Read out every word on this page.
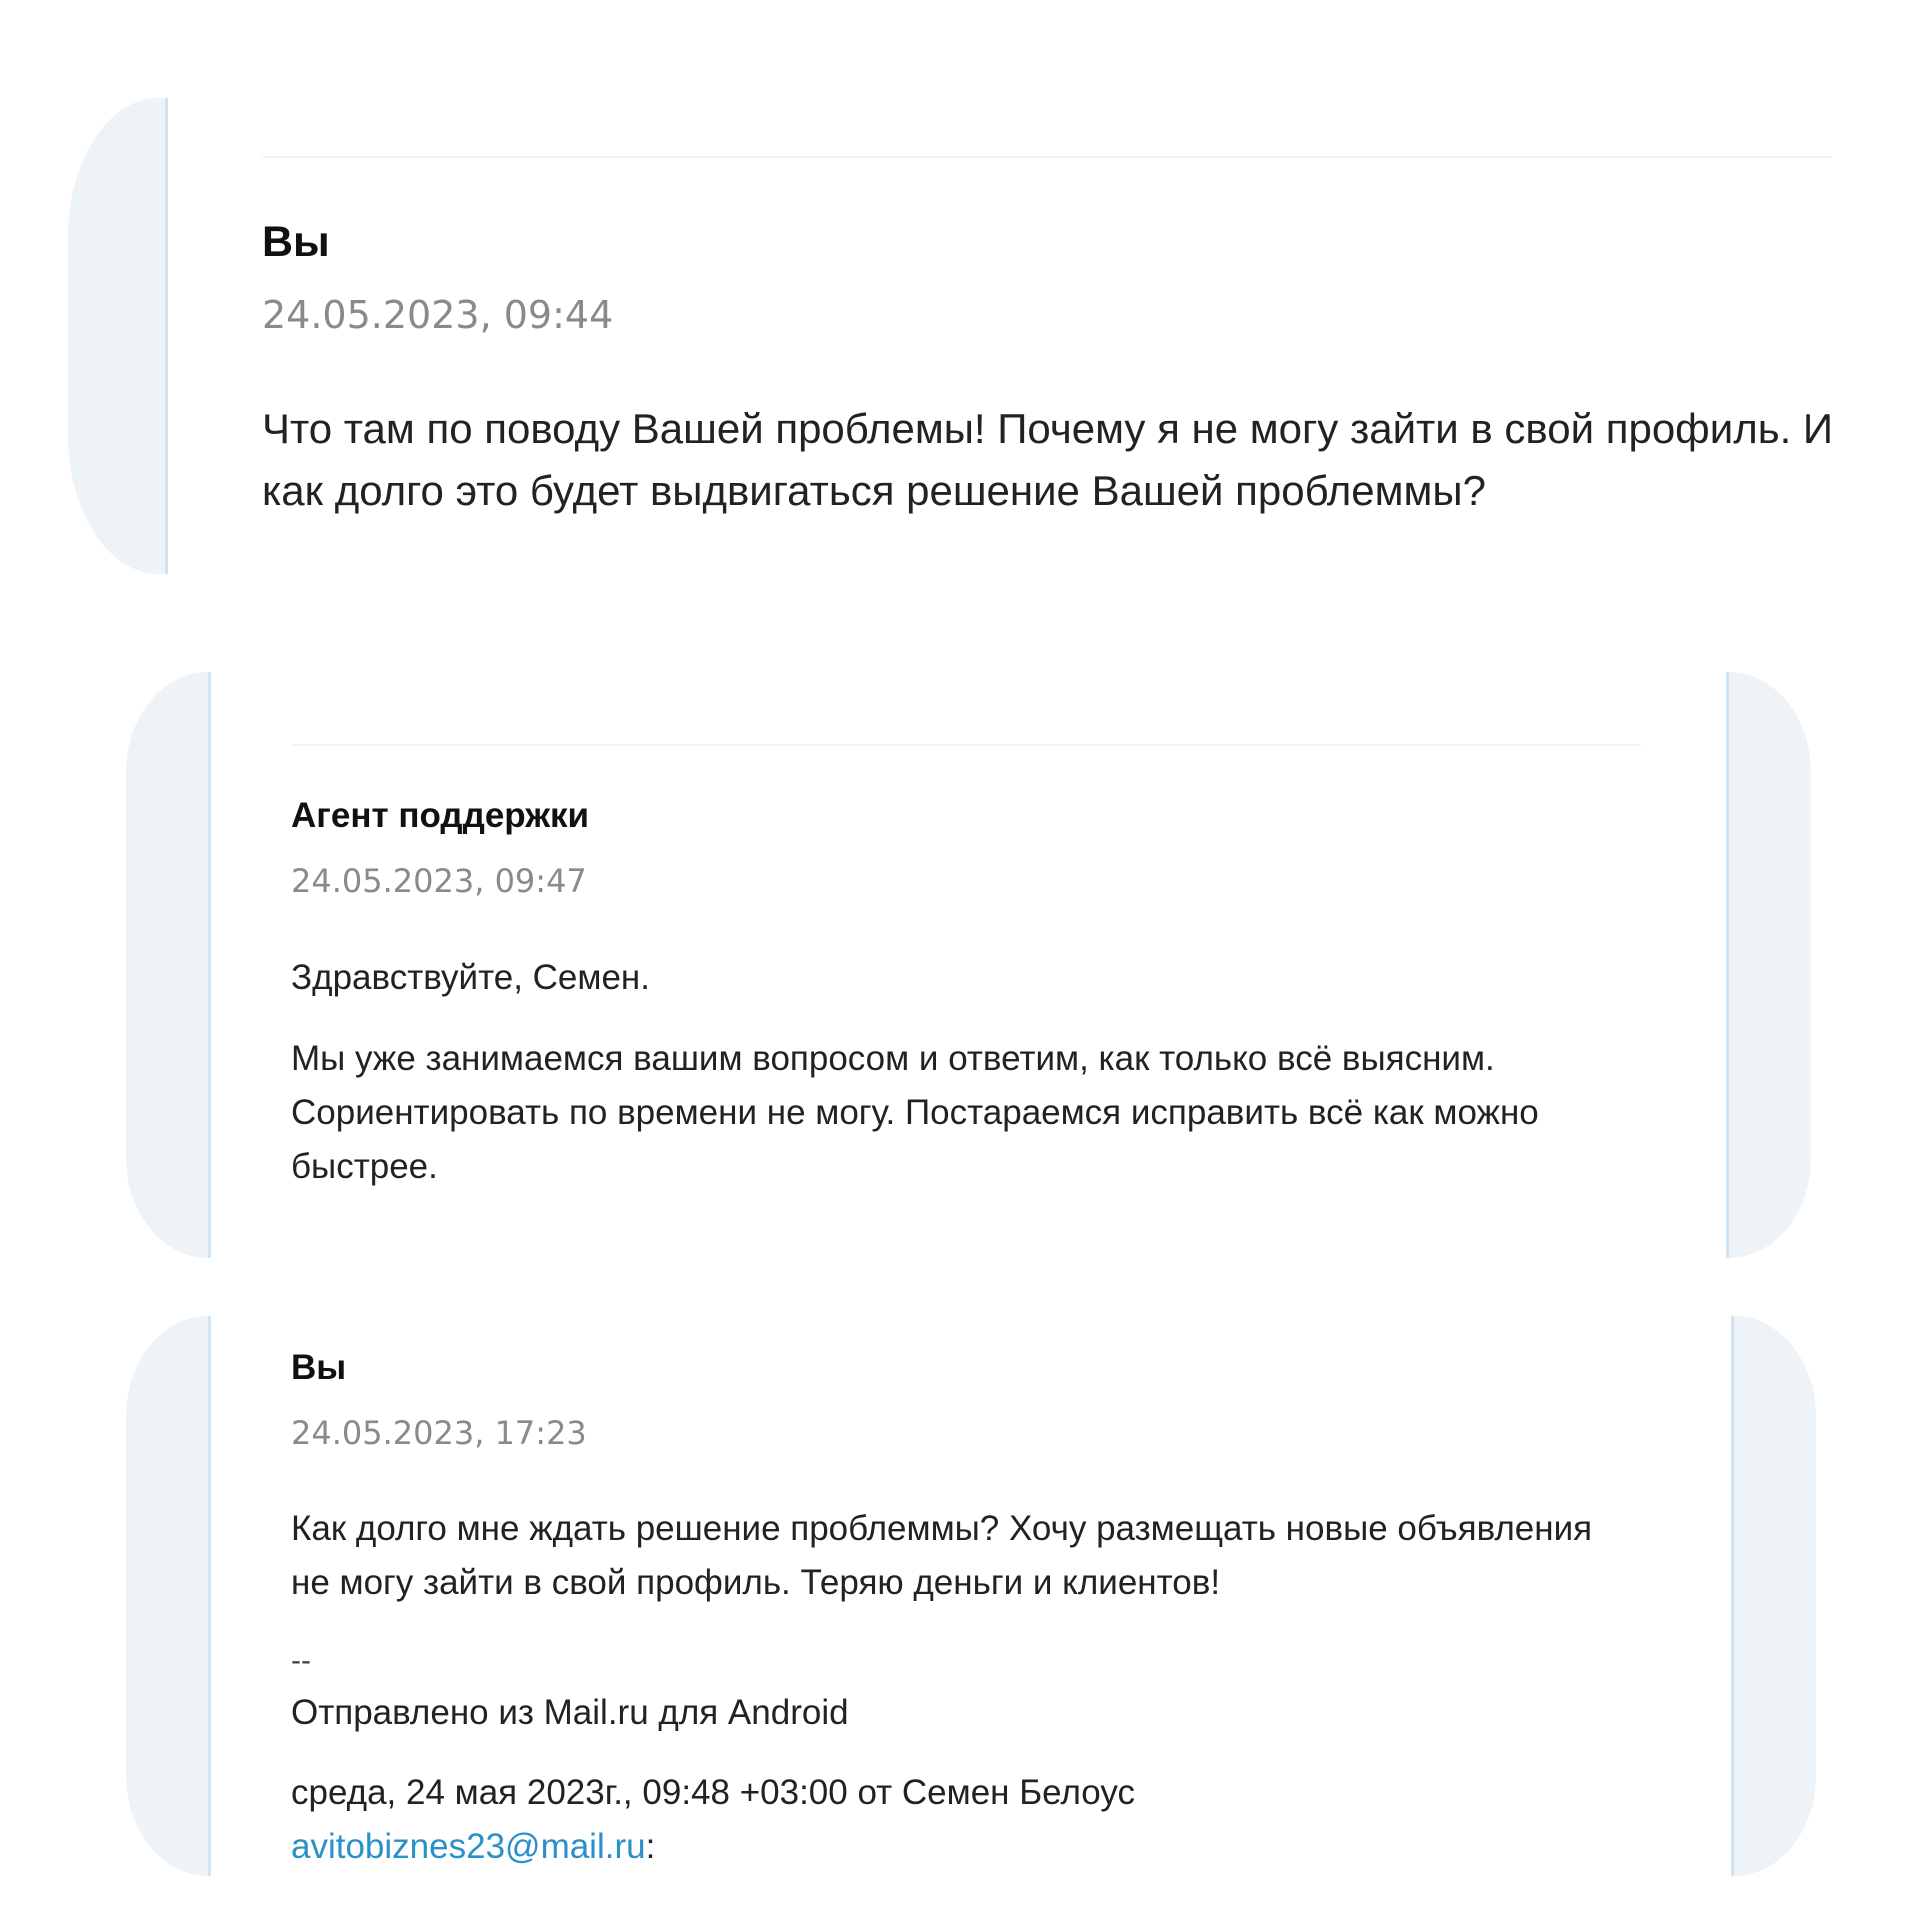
Вы
24.05.2023, 09:44

Что там по поводу Вашей проблемы! Почему я не могу зайти в свой профиль. И как долго это будет выдвигаться решение Вашей проблеммы?

Агент поддержки
24.05.2023, 09:47

Здравствуйте, Семен.

Мы уже занимаемся вашим вопросом и ответим, как только всё выясним. Сориентировать по времени не могу. Постараемся исправить всё как можно быстрее.

Вы
24.05.2023, 17:23

Как долго мне ждать решение проблеммы? Хочу размещать новые объявления не могу зайти в свой профиль. Теряю деньги и клиентов!

--

Отправлено из Mail.ru для Android

среда, 24 мая 2023г., 09:48 +03:00 от Семен Белоус
avitobiznes23@mail.ru:
